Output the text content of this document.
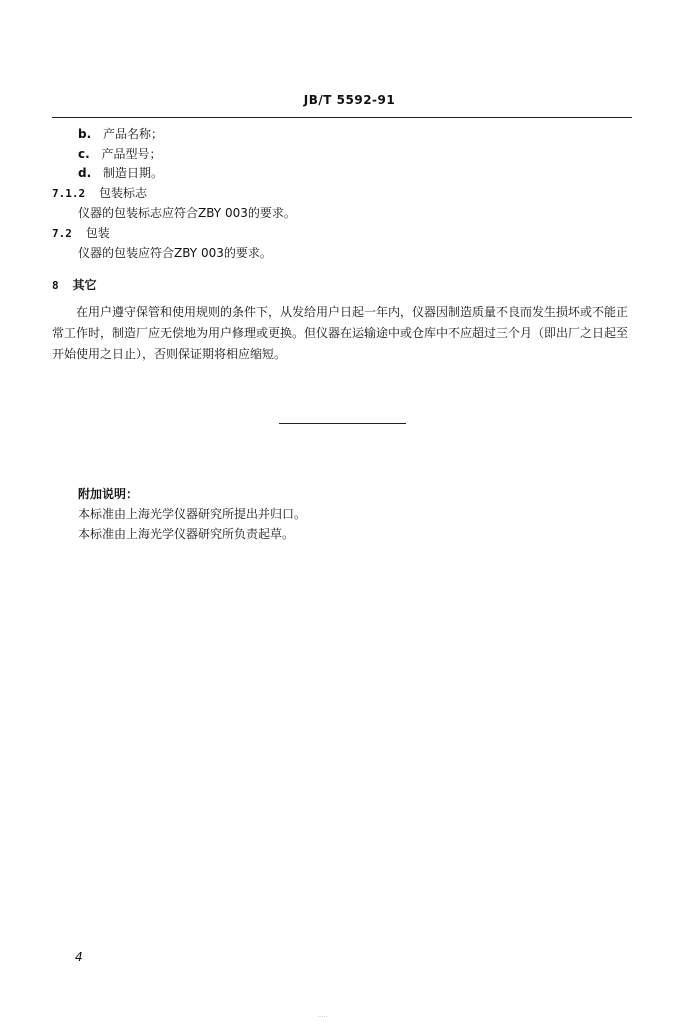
JB/T 5592-91
b. 产品名称；
c. 产品型号；
d. 制造日期。
7.1.2 包装标志
仪器的包装标志应符合ZBY 003的要求。
7.2 包装
仪器的包装应符合ZBY 003的要求。
8 其它
在用户遵守保管和使用规则的条件下，从发给用户日起一年内，仪器因制造质量不良而发生损坏或不能正常工作时，制造厂应无偿地为用户修理或更换。但仪器在运输途中或仓库中不应超过三个月（即出厂之日起至开始使用之日止），否则保证期将相应缩短。
附加说明：
本标准由上海光学仪器研究所提出并归口。
本标准由上海光学仪器研究所负责起草。
4
·····
